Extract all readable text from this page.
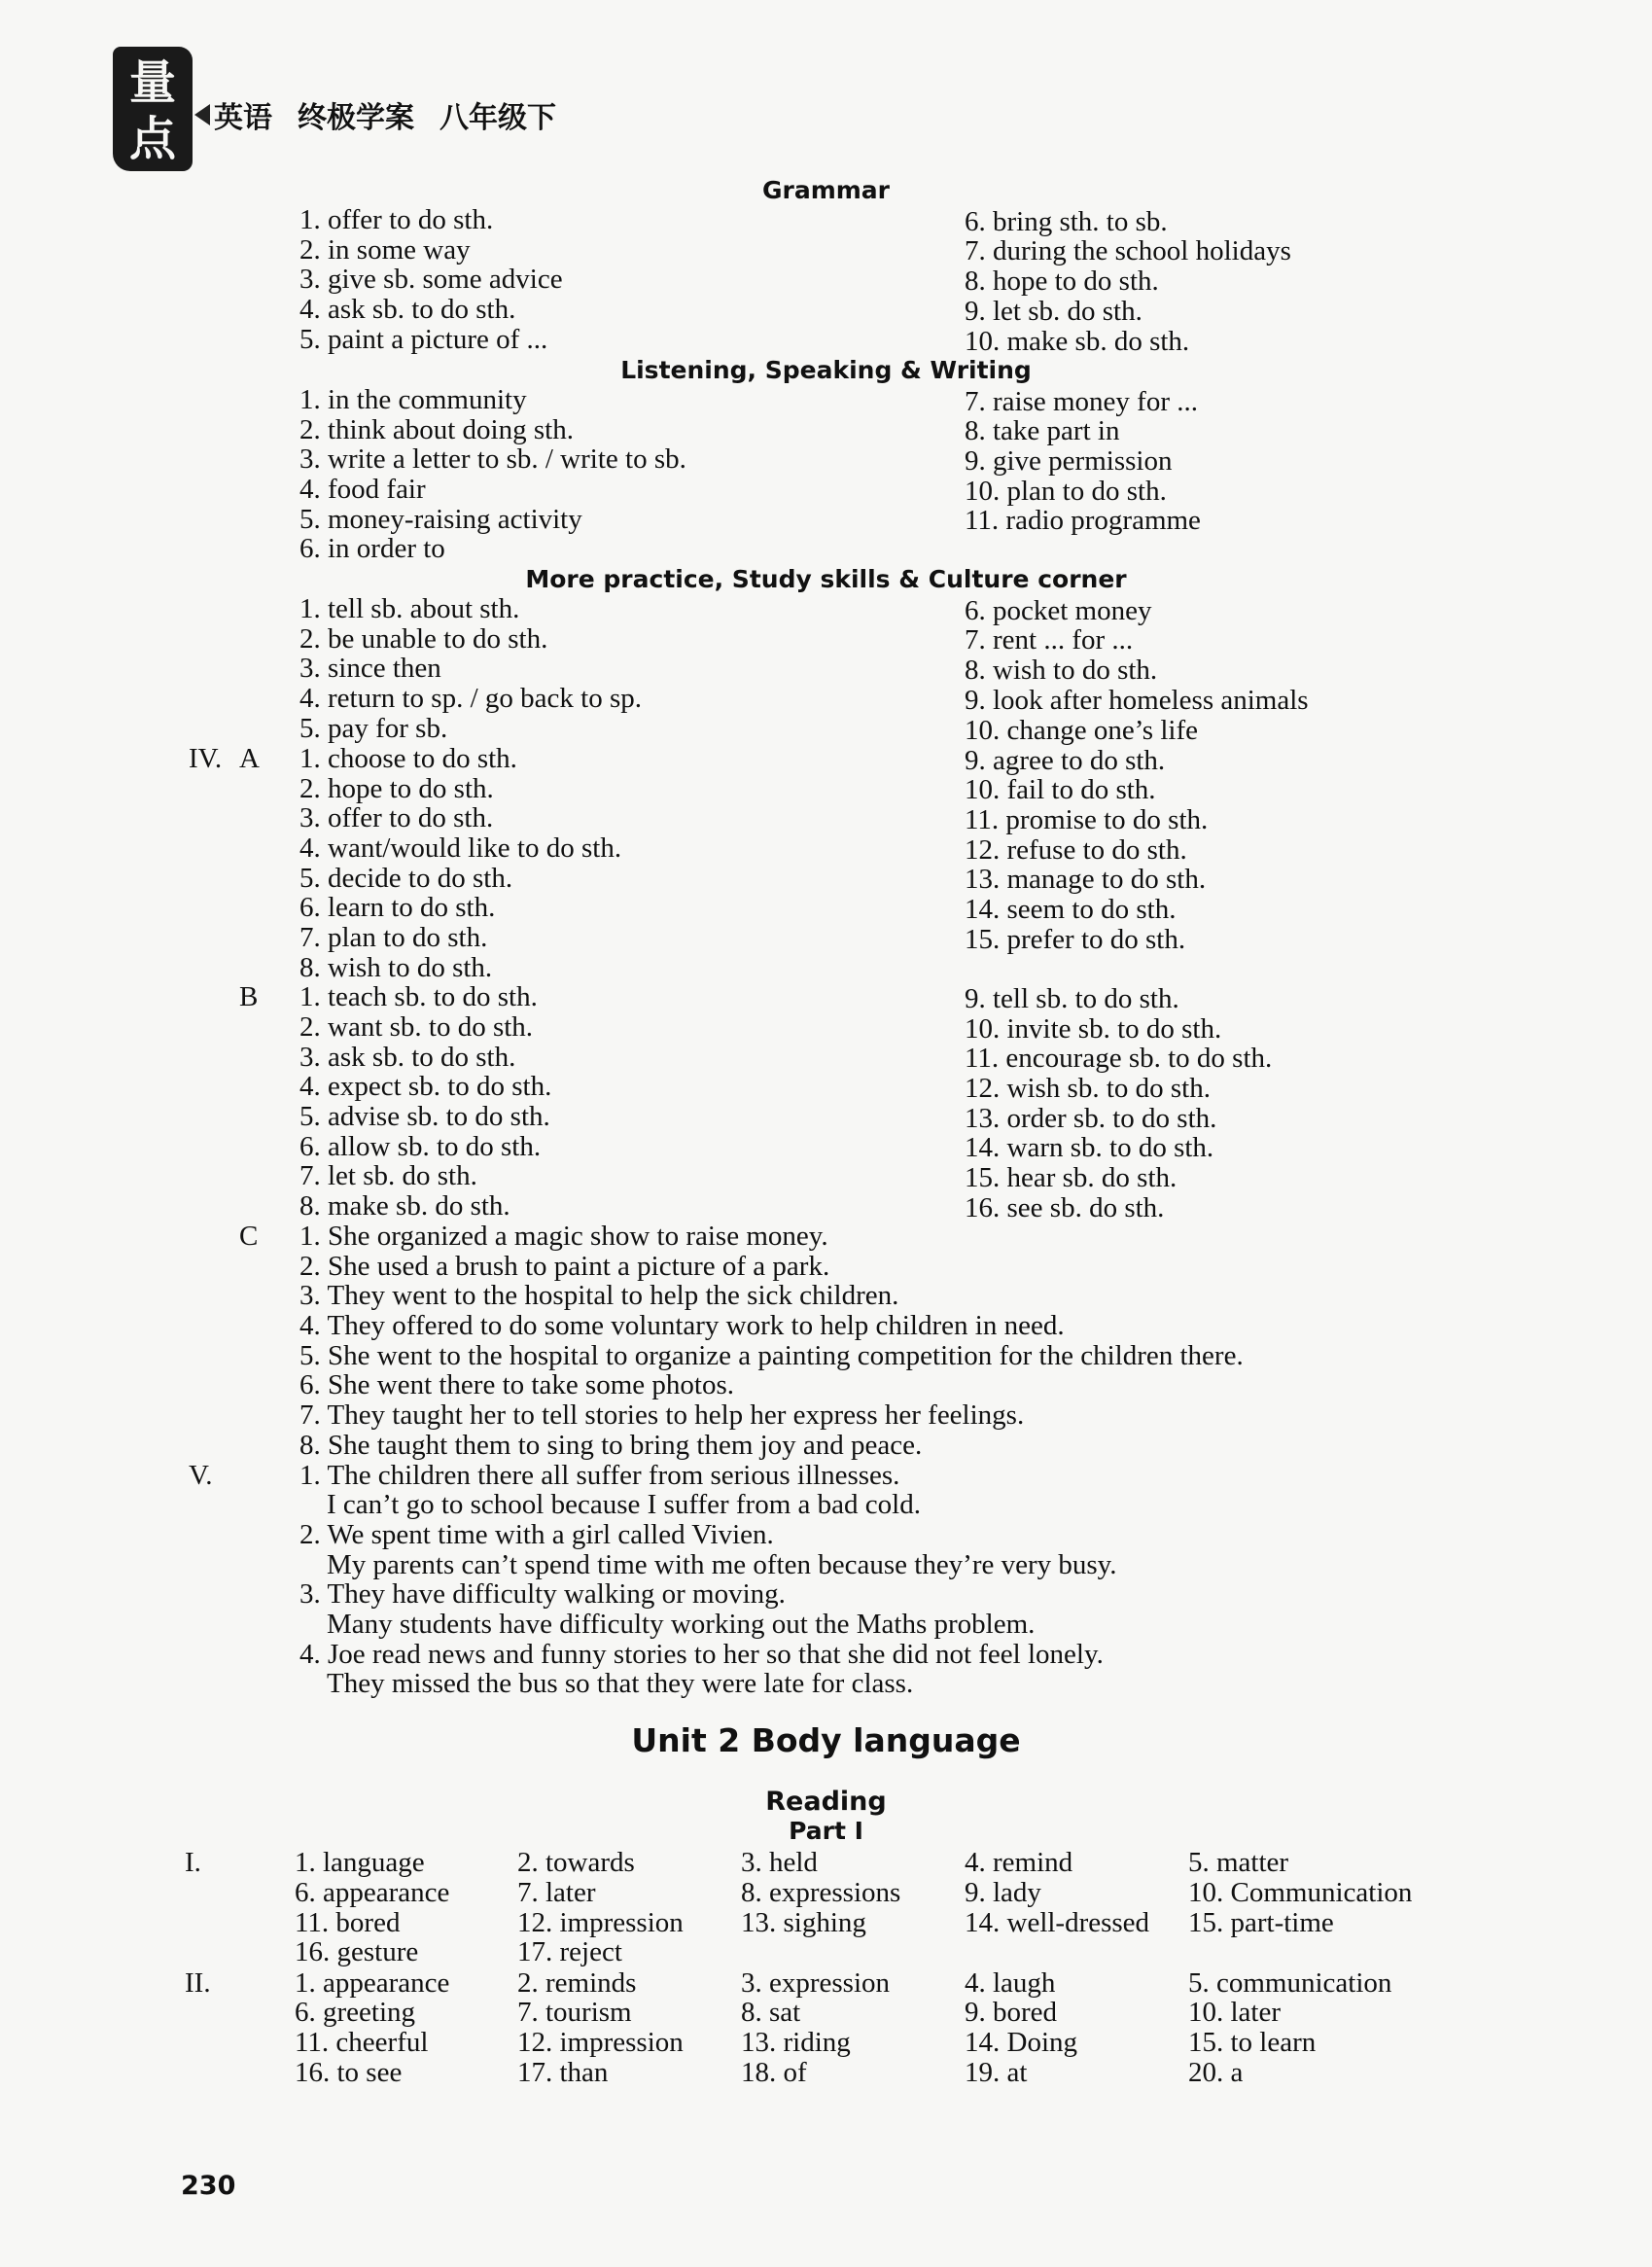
量点 英语 终极学案 八年级下
Grammar
1. offer to do sth.
2. in some way
3. give sb. some advice
4. ask sb. to do sth.
5. paint a picture of ...
6. bring sth. to sb.
7. during the school holidays
8. hope to do sth.
9. let sb. do sth.
10. make sb. do sth.
Listening, Speaking & Writing
1. in the community
2. think about doing sth.
3. write a letter to sb. / write to sb.
4. food fair
5. money-raising activity
6. in order to
7. raise money for ...
8. take part in
9. give permission
10. plan to do sth.
11. radio programme
More practice, Study skills & Culture corner
1. tell sb. about sth.
2. be unable to do sth.
3. since then
4. return to sp. / go back to sp.
5. pay for sb.
6. pocket money
7. rent ... for ...
8. wish to do sth.
9. look after homeless animals
10. change one’s life
IV. A 1. choose to do sth.
2. hope to do sth.
3. offer to do sth.
4. want/would like to do sth.
5. decide to do sth.
6. learn to do sth.
7. plan to do sth.
8. wish to do sth.
9. agree to do sth.
10. fail to do sth.
11. promise to do sth.
12. refuse to do sth.
13. manage to do sth.
14. seem to do sth.
15. prefer to do sth.
B 1. teach sb. to do sth.
2. want sb. to do sth.
3. ask sb. to do sth.
4. expect sb. to do sth.
5. advise sb. to do sth.
6. allow sb. to do sth.
7. let sb. do sth.
8. make sb. do sth.
9. tell sb. to do sth.
10. invite sb. to do sth.
11. encourage sb. to do sth.
12. wish sb. to do sth.
13. order sb. to do sth.
14. warn sb. to do sth.
15. hear sb. do sth.
16. see sb. do sth.
C 1. She organized a magic show to raise money.
2. She used a brush to paint a picture of a park.
3. They went to the hospital to help the sick children.
4. They offered to do some voluntary work to help children in need.
5. She went to the hospital to organize a painting competition for the children there.
6. She went there to take some photos.
7. They taught her to tell stories to help her express her feelings.
8. She taught them to sing to bring them joy and peace.
V.	1. The children there all suffer from serious illnesses.
I can’t go to school because I suffer from a bad cold.
2. We spent time with a girl called Vivien.
My parents can’t spend time with me often because they’re very busy.
3. They have difficulty walking or moving.
Many students have difficulty working out the Maths problem.
4. Joe read news and funny stories to her so that she did not feel lonely.
They missed the bus so that they were late for class.
Unit 2 Body language
Reading
Part I
I.	1. language	2. towards	3. held	4. remind	5. matter
6. appearance 7. later	8. expressions 9. lady	10. Communication
11. bored	12. impression 13. sighing	14. well-dressed 15. part-time
16. gesture	17. reject
II.	1. appearance 2. reminds	3. expression	4. laugh	5. communication
6. greeting	7. tourism	8. sat	9. bored	10. later
11. cheerful	12. impression 13. riding	14. Doing	15. to learn
16. to see	17. than	18. of	19. at	20. a
230
